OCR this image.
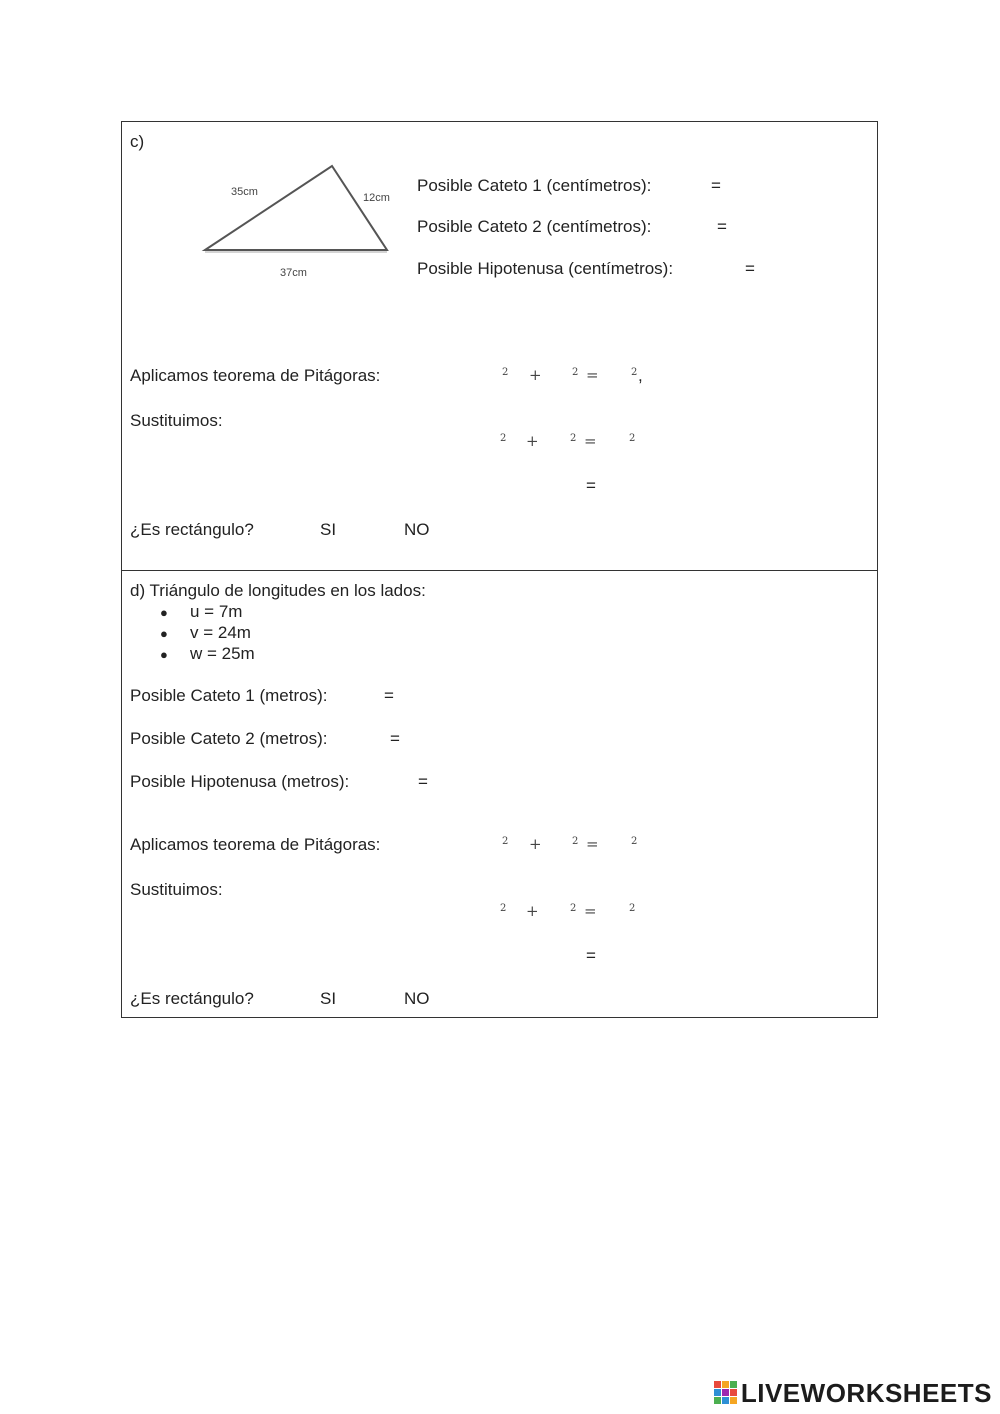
c)
35cm	12cm
37cm
Posible Cateto 1 (centímetros):	=
Posible Cateto 2 (centímetros):	=
Posible Hipotenusa (centímetros):	=
Aplicamos teorema de Pitágoras:	2 +	2 =	2 ,
Sustituimos:
2 +	2 =	2
=
¿Es rectángulo?	SI	NO
d) Triángulo de longitudes en los lados:
● u = 7m
● v = 24m
● w = 25m
Posible Cateto 1 (metros):	=
Posible Cateto 2 (metros):	=
Posible Hipotenusa (metros):	=
Aplicamos teorema de Pitágoras:	2 +	2 =	2
Sustituimos:
2 +	2 =	2
=
¿Es rectángulo?	SI	NO
LIVEWORKSHEETS
